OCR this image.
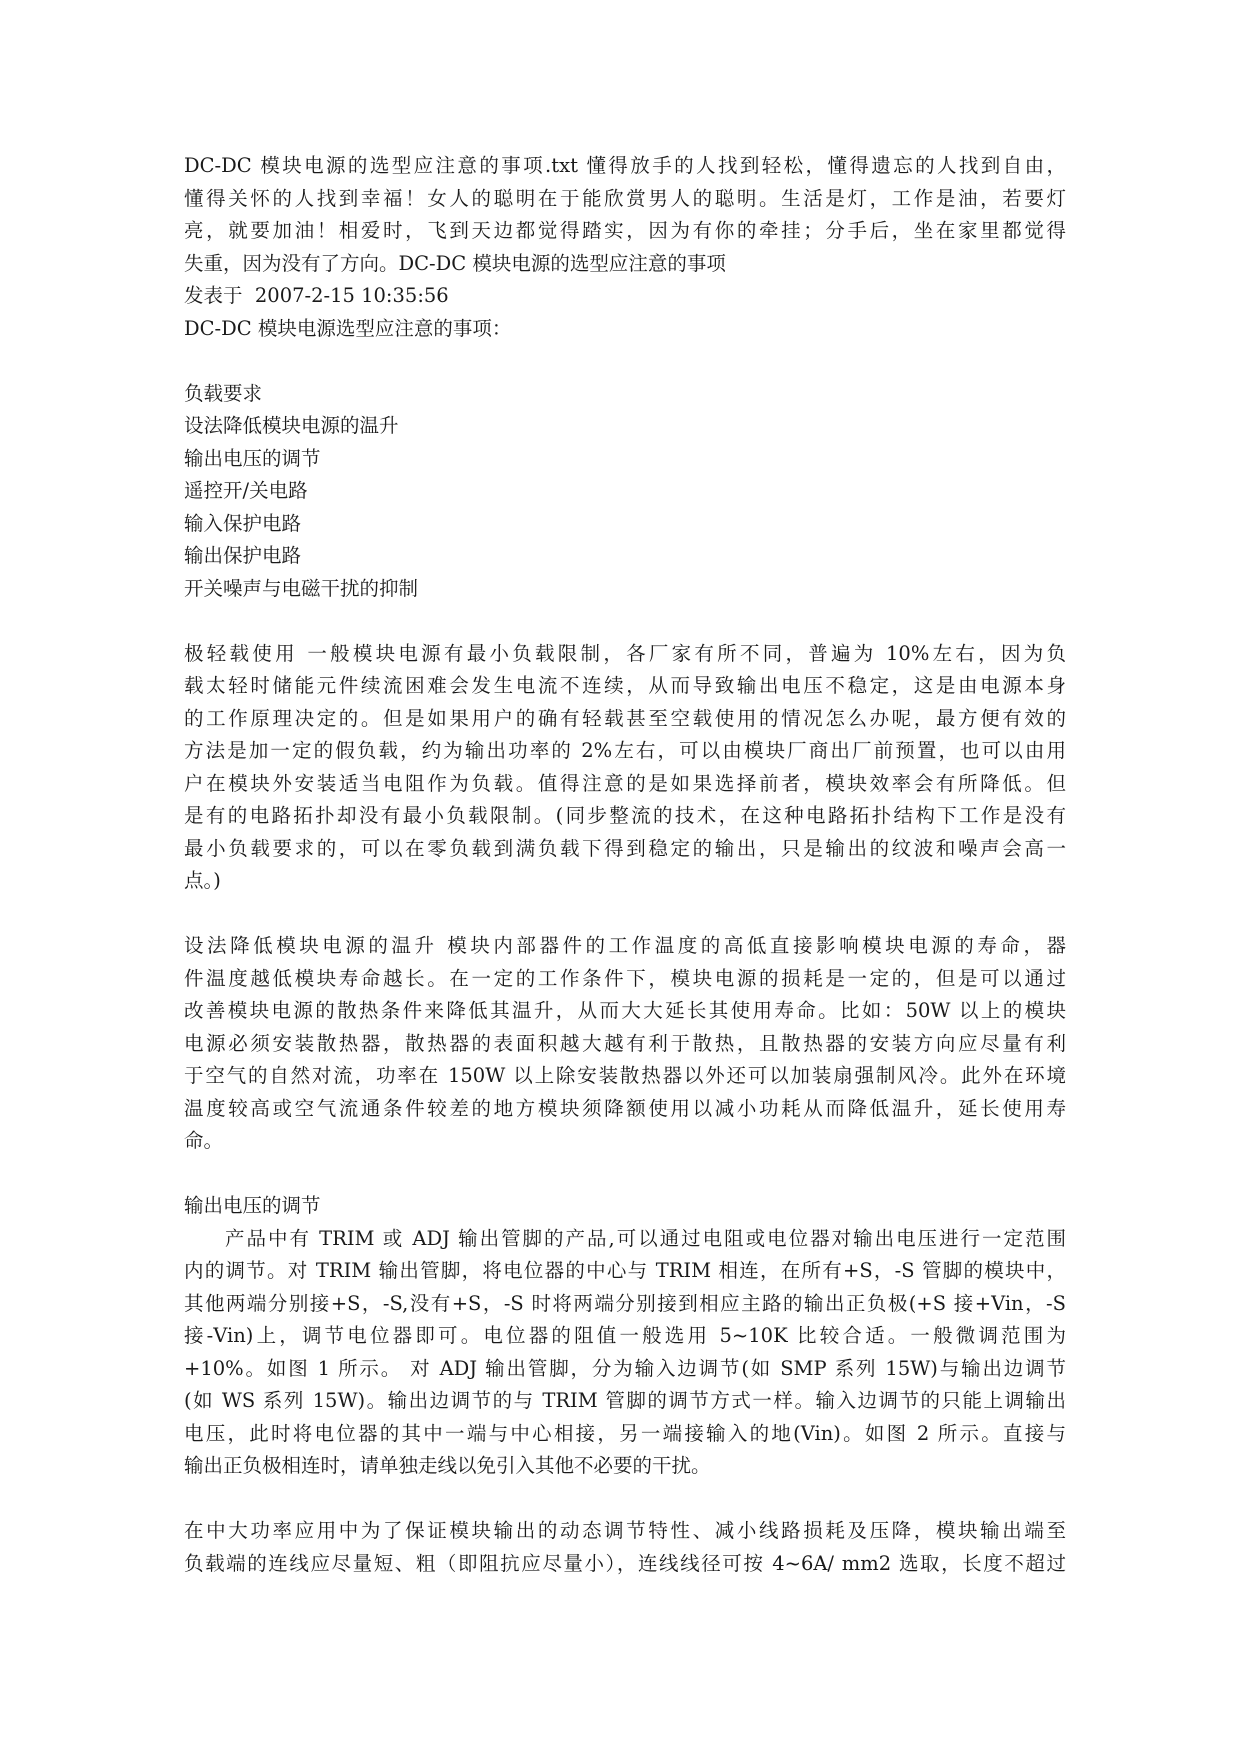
DC-DC 模块电源的选型应注意的事项.txt 懂得放手的人找到轻松，懂得遗忘的人找到自由，
懂得关怀的人找到幸福！女人的聪明在于能欣赏男人的聪明。生活是灯，工作是油，若要灯
亮，就要加油！相爱时，飞到天边都觉得踏实，因为有你的牵挂；分手后，坐在家里都觉得
失重，因为没有了方向。DC-DC 模块电源的选型应注意的事项
发表于  2007-2-15 10:35:56
DC-DC 模块电源选型应注意的事项：
负载要求
设法降低模块电源的温升
输出电压的调节
遥控开/关电路
输入保护电路
输出保护电路
开关噪声与电磁干扰的抑制
极轻载使用 一般模块电源有最小负载限制，各厂家有所不同，普遍为 10%左右，因为负
载太轻时储能元件续流困难会发生电流不连续，从而导致输出电压不稳定，这是由电源本身
的工作原理决定的。但是如果用户的确有轻载甚至空载使用的情况怎么办呢，最方便有效的
方法是加一定的假负载，约为输出功率的 2%左右，可以由模块厂商出厂前预置，也可以由用
户在模块外安装适当电阻作为负载。值得注意的是如果选择前者，模块效率会有所降低。但
是有的电路拓扑却没有最小负载限制。(同步整流的技术，在这种电路拓扑结构下工作是没有
最小负载要求的，可以在零负载到满负载下得到稳定的输出，只是输出的纹波和噪声会高一
点。)
设法降低模块电源的温升 模块内部器件的工作温度的高低直接影响模块电源的寿命，器
件温度越低模块寿命越长。在一定的工作条件下，模块电源的损耗是一定的，但是可以通过
改善模块电源的散热条件来降低其温升，从而大大延长其使用寿命。比如：50W 以上的模块
电源必须安装散热器，散热器的表面积越大越有利于散热，且散热器的安装方向应尽量有利
于空气的自然对流，功率在 150W 以上除安装散热器以外还可以加装扇强制风冷。此外在环境
温度较高或空气流通条件较差的地方模块须降额使用以减小功耗从而降低温升，延长使用寿
命。
输出电压的调节
产品中有 TRIM 或 ADJ 输出管脚的产品,可以通过电阻或电位器对输出电压进行一定范围
内的调节。对 TRIM 输出管脚，将电位器的中心与 TRIM 相连，在所有+S，-S 管脚的模块中，
其他两端分别接+S，-S,没有+S，-S 时将两端分别接到相应主路的输出正负极(+S 接+Vin，-S
接-Vin)上，调节电位器即可。电位器的阻值一般选用 5~10K 比较合适。一般微调范围为
+10%。如图 1 所示。 对 ADJ 输出管脚，分为输入边调节(如 SMP 系列 15W)与输出边调节
(如 WS 系列 15W)。输出边调节的与 TRIM 管脚的调节方式一样。输入边调节的只能上调输出
电压，此时将电位器的其中一端与中心相接，另一端接输入的地(Vin)。如图 2 所示。直接与
输出正负极相连时，请单独走线以免引入其他不必要的干扰。
在中大功率应用中为了保证模块输出的动态调节特性、减小线路损耗及压降，模块输出端至
负载端的连线应尽量短、粗（即阻抗应尽量小），连线线径可按 4~6A/ mm2 选取，长度不超过
